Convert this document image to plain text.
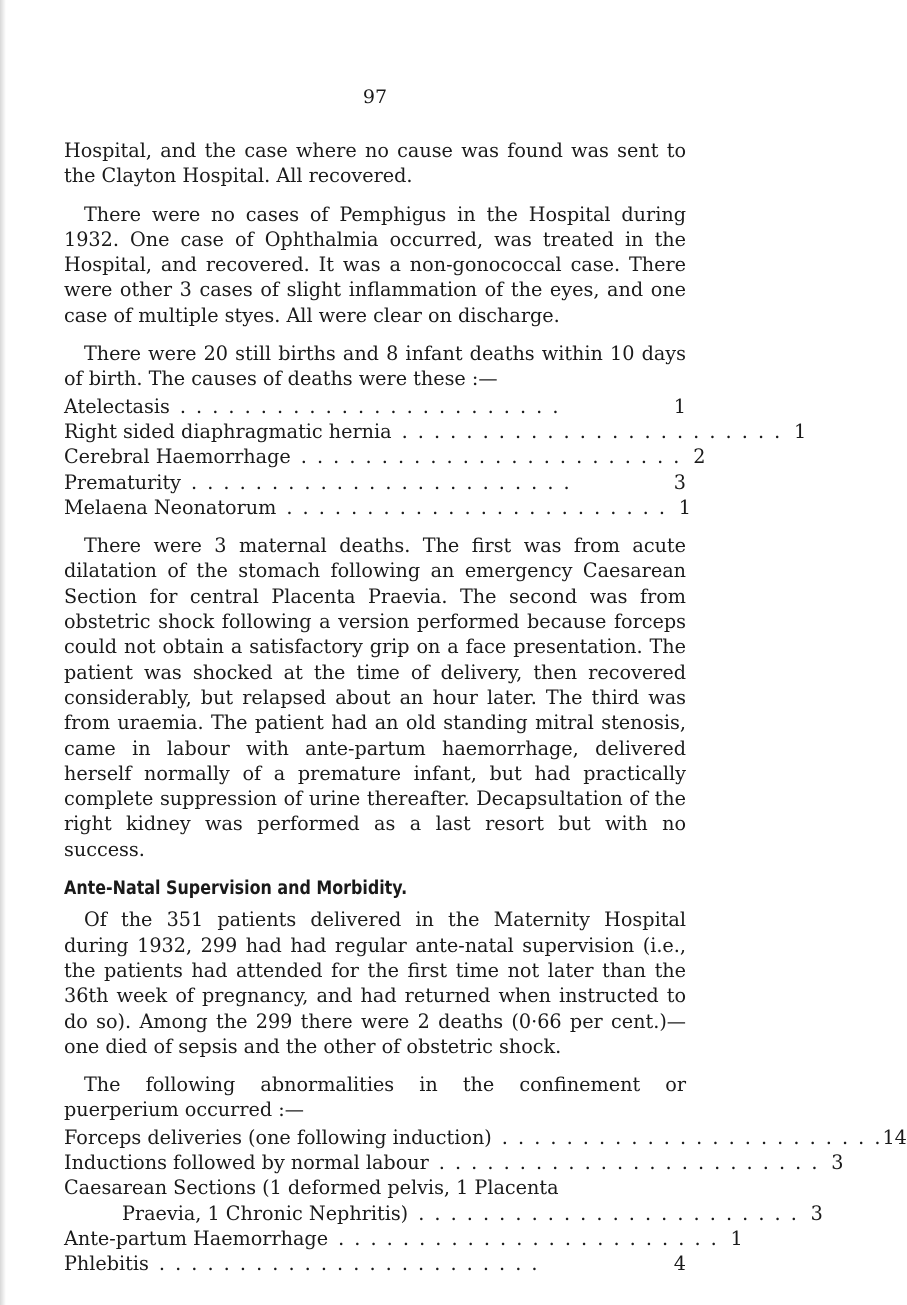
97

Hospital, and the case where no cause was found was sent to the Clayton Hospital. All recovered.

There were no cases of Pemphigus in the Hospital during 1932. One case of Ophthalmia occurred, was treated in the Hospital, and recovered. It was a non-gonococcal case. There were other 3 cases of slight inflammation of the eyes, and one case of multiple styes. All were clear on discharge.

There were 20 still births and 8 infant deaths within 10 days of birth. The causes of deaths were these :—

Atelectasis . . . . . . . . . . . . . . . . . . . . . . . .	1
Right sided diaphragmatic hernia . . . . . . . . . . . . . . . . . . . . . . . . 1
Cerebral Haemorrhage . . . . . . . . . . . . . . . . . . . . . . . . 2
Prematurity . . . . . . . . . . . . . . . . . . . . . . . .	3
Melaena Neonatorum . . . . . . . . . . . . . . . . . . . . . . . . 1

There were 3 maternal deaths. The first was from acute dilatation of the stomach following an emergency Caesarean Section for central Placenta Praevia. The second was from obstetric shock following a version performed because forceps could not obtain a satisfactory grip on a face presentation. The patient was shocked at the time of delivery, then recovered considerably, but relapsed about an hour later. The third was from uraemia. The patient had an old standing mitral stenosis, came in labour with ante-partum haemorrhage, delivered herself normally of a premature infant, but had practically complete suppression of urine thereafter. Decapsultation of the right kidney was performed as a last resort but with no success.

Ante-Natal Supervision and Morbidity.

Of the 351 patients delivered in the Maternity Hospital during 1932, 299 had had regular ante-natal supervision (i.e., the patients had attended for the first time not later than the 36th week of pregnancy, and had returned when instructed to do so). Among the 299 there were 2 deaths (0·66 per cent.)— one died of sepsis and the other of obstetric shock.

The following abnormalities in the confinement or puerperium occurred :—

Forceps deliveries (one following induction) . . . . . . . . . . . . . . . . . . . . . . . . 14
Inductions followed by normal labour . . . . . . . . . . . . . . . . . . . . . . . . 3
Caesarean Sections (1 deformed pelvis, 1 Placenta
Praevia, 1 Chronic Nephritis) . . . . . . . . . . . . . . . . . . . . . . . . 3
Ante-partum Haemorrhage . . . . . . . . . . . . . . . . . . . . . . . . 1
Phlebitis . . . . . . . . . . . . . . . . . . . . . . . .	4
